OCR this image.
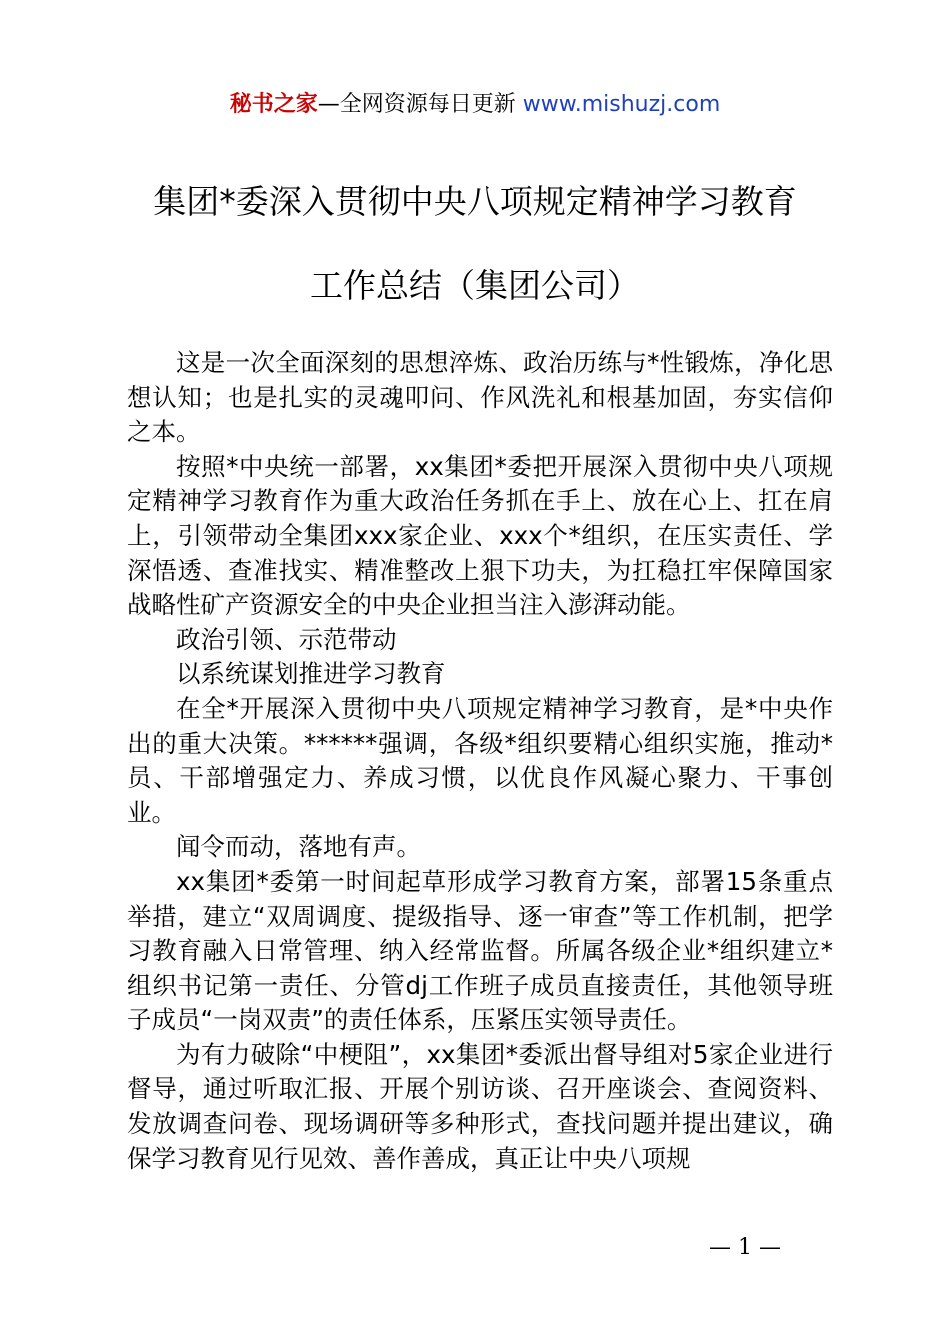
秘书之家—全网资源每日更新 www.mishuzj.com
集团*委深入贯彻中央八项规定精神学习教育
工作总结（集团公司）

这是一次全面深刻的思想淬炼、政治历练与*性锻炼，净化思想认知；也是扎实的灵魂叩问、作风洗礼和根基加固，夯实信仰之本。

按照*中央统一部署，xx集团*委把开展深入贯彻中央八项规定精神学习教育作为重大政治任务抓在手上、放在心上、扛在肩上，引领带动全集团xxx家企业、xxx个*组织，在压实责任、学深悟透、查准找实、精准整改上狠下功夫，为扛稳扛牢保障国家战略性矿产资源安全的中央企业担当注入澎湃动能。

政治引领、示范带动

以系统谋划推进学习教育

在全*开展深入贯彻中央八项规定精神学习教育，是*中央作出的重大决策。******强调，各级*组织要精心组织实施，推动*员、干部增强定力、养成习惯，以优良作风凝心聚力、干事创业。

闻令而动，落地有声。

xx集团*委第一时间起草形成学习教育方案，部署15条重点举措，建立“双周调度、提级指导、逐一审查”等工作机制，把学习教育融入日常管理、纳入经常监督。所属各级企业*组织建立*组织书记第一责任、分管dj工作班子成员直接责任，其他领导班子成员“一岗双责”的责任体系，压紧压实领导责任。

为有力破除“中梗阻”，xx集团*委派出督导组对5家企业进行督导，通过听取汇报、开展个别访谈、召开座谈会、查阅资料、发放调查问卷、现场调研等多种形式，查找问题并提出建议，确保学习教育见行见效、善作善成，真正让中央八项规

— 1 —
